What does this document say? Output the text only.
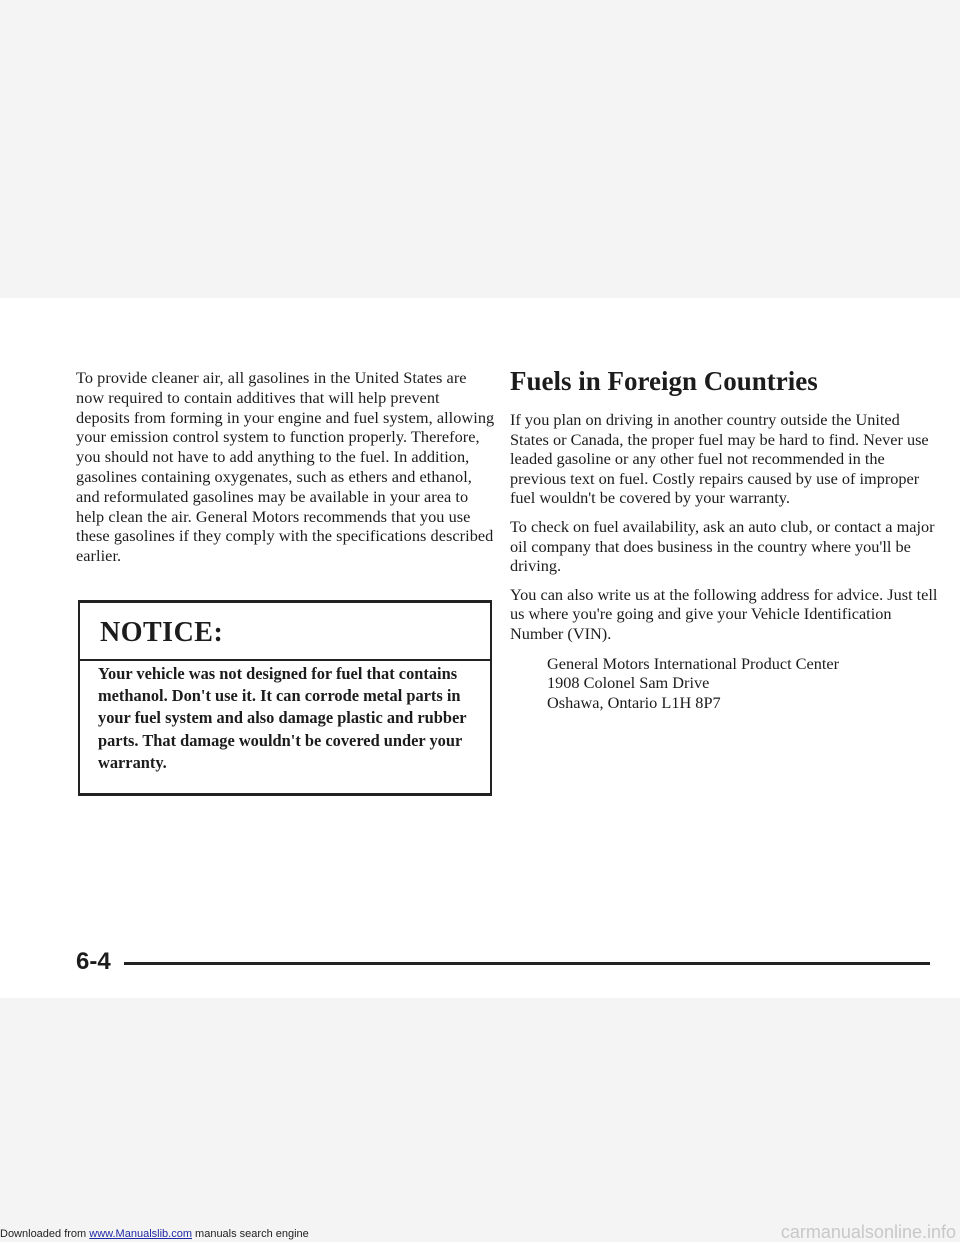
To provide cleaner air, all gasolines in the United States are now required to contain additives that will help prevent deposits from forming in your engine and fuel system, allowing your emission control system to function properly. Therefore, you should not have to add anything to the fuel. In addition, gasolines containing oxygenates, such as ethers and ethanol, and reformulated gasolines may be available in your area to help clean the air. General Motors recommends that you use these gasolines if they comply with the specifications described earlier.

NOTICE:
Your vehicle was not designed for fuel that contains methanol. Don't use it. It can corrode metal parts in your fuel system and also damage plastic and rubber parts. That damage wouldn't be covered under your warranty.
Fuels in Foreign Countries

If you plan on driving in another country outside the United States or Canada, the proper fuel may be hard to find. Never use leaded gasoline or any other fuel not recommended in the previous text on fuel. Costly repairs caused by use of improper fuel wouldn't be covered by your warranty.

To check on fuel availability, ask an auto club, or contact a major oil company that does business in the country where you'll be driving.

You can also write us at the following address for advice. Just tell us where you're going and give your Vehicle Identification Number (VIN).

General Motors International Product Center
1908 Colonel Sam Drive
Oshawa, Ontario L1H 8P7
6-4
Downloaded from www.Manualslib.com manuals search engine	carmanualsonline.info
